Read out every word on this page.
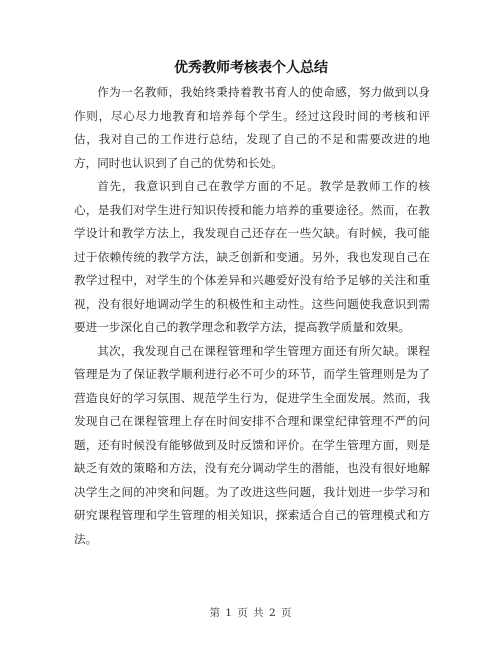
优秀教师考核表个人总结

作为一名教师，我始终秉持着教书育人的使命感，努力做到以身作则，尽心尽力地教育和培养每个学生。经过这段时间的考核和评估，我对自己的工作进行总结，发现了自己的不足和需要改进的地方，同时也认识到了自己的优势和长处。

首先，我意识到自己在教学方面的不足。教学是教师工作的核心，是我们对学生进行知识传授和能力培养的重要途径。然而，在教学设计和教学方法上，我发现自己还存在一些欠缺。有时候，我可能过于依赖传统的教学方法，缺乏创新和变通。另外，我也发现自己在教学过程中，对学生的个体差异和兴趣爱好没有给予足够的关注和重视，没有很好地调动学生的积极性和主动性。这些问题使我意识到需要进一步深化自己的教学理念和教学方法，提高教学质量和效果。

其次，我发现自己在课程管理和学生管理方面还有所欠缺。课程管理是为了保证教学顺利进行必不可少的环节，而学生管理则是为了营造良好的学习氛围、规范学生行为，促进学生全面发展。然而，我发现自己在课程管理上存在时间安排不合理和课堂纪律管理不严的问题，还有时候没有能够做到及时反馈和评价。在学生管理方面，则是缺乏有效的策略和方法，没有充分调动学生的潜能，也没有很好地解决学生之间的冲突和问题。为了改进这些问题，我计划进一步学习和研究课程管理和学生管理的相关知识，探索适合自己的管理模式和方法。

第 1 页 共 2 页
